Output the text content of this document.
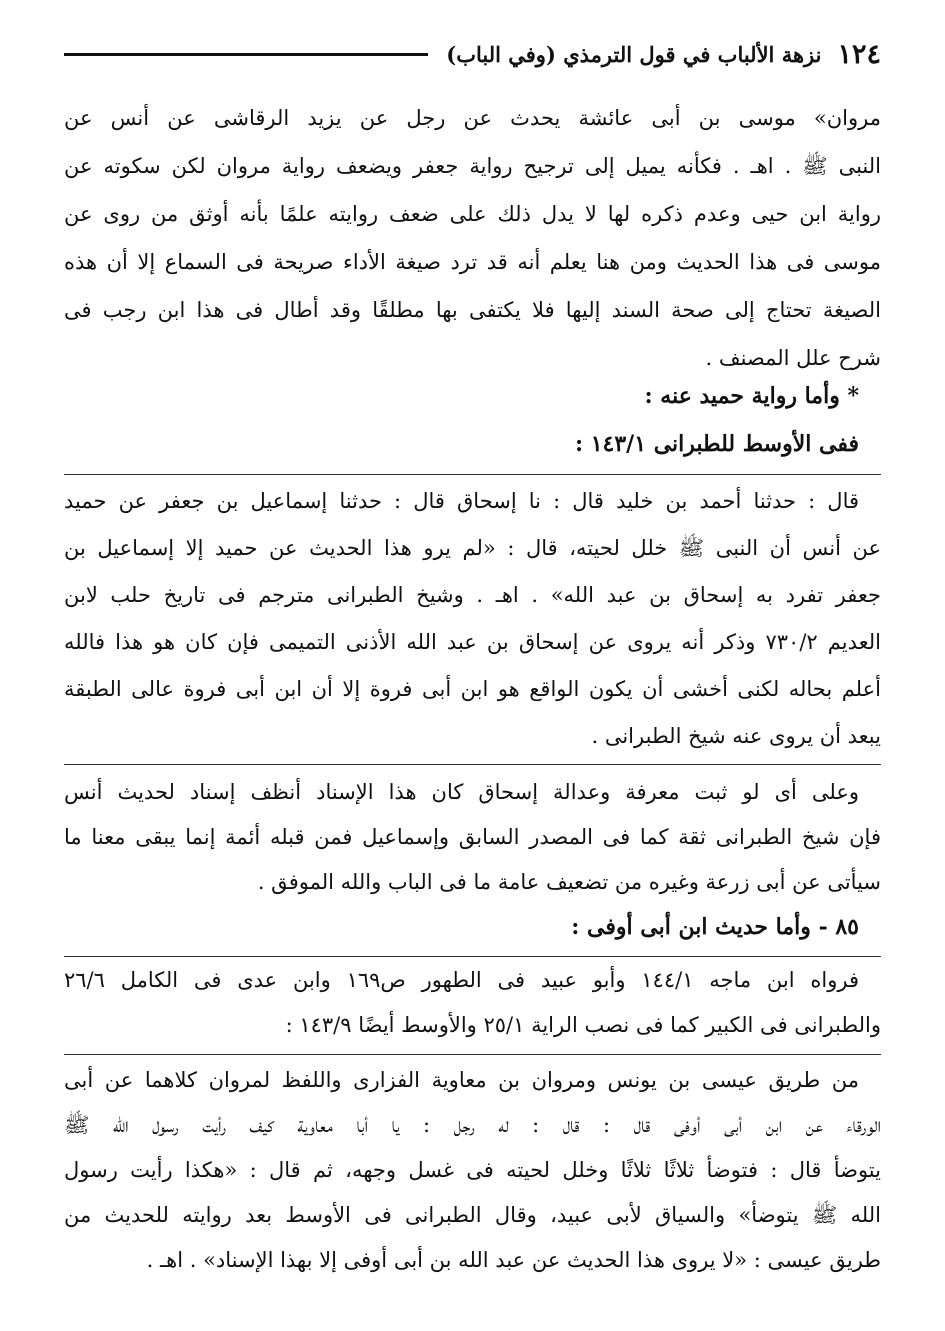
١٢٤
نزهة الألباب في قول الترمذي (وفي الباب)
مروان» موسى بن أبى عائشة يحدث عن رجل عن يزيد الرقاشى عن أنس عن
النبى ﷺ . اهـ . فكأنه يميل إلى ترجيح رواية جعفر ويضعف رواية مروان لكن سكوته عن
رواية ابن حيى وعدم ذكره لها لا يدل ذلك على ضعف روايته علمًا بأنه أوثق من روى عن
موسى فى هذا الحديث ومن هنا يعلم أنه قد ترد صيغة الأداء صريحة فى السماع إلا أن هذه
الصيغة تحتاج إلى صحة السند إليها فلا يكتفى بها مطلقًا وقد أطال فى هذا ابن رجب فى
شرح علل المصنف .
* وأما رواية حميد عنه :
ففى الأوسط للطبرانى ١٤٣/١ :
قال : حدثنا أحمد بن خليد قال : نا إسحاق قال : حدثنا إسماعيل بن جعفر عن حميد
عن أنس أن النبى ﷺ خلل لحيته، قال : «لم يرو هذا الحديث عن حميد إلا إسماعيل بن
جعفر تفرد به إسحاق بن عبد الله» . اهـ . وشيخ الطبرانى مترجم فى تاريخ حلب لابن
العديم ٧٣٠/٢ وذكر أنه يروى عن إسحاق بن عبد الله الأذنى التميمى فإن كان هو هذا فالله
أعلم بحاله لكنى أخشى أن يكون الواقع هو ابن أبى فروة إلا أن ابن أبى فروة عالى الطبقة
يبعد أن يروى عنه شيخ الطبرانى .
وعلى أى لو ثبت معرفة وعدالة إسحاق كان هذا الإسناد أنظف إسناد لحديث أنس
فإن شيخ الطبرانى ثقة كما فى المصدر السابق وإسماعيل فمن قبله أئمة إنما يبقى معنا ما
سيأتى عن أبى زرعة وغيره من تضعيف عامة ما فى الباب والله الموفق .
٨٥ - وأما حديث ابن أبى أوفى :
فرواه ابن ماجه ١٤٤/١ وأبو عبيد فى الطهور ص١٦٩ وابن عدى فى الكامل ٢٦/٦
والطبرانى فى الكبير كما فى نصب الراية ٢٥/١ والأوسط أيضًا ١٤٣/٩ :
من طريق عيسى بن يونس ومروان بن معاوية الفزارى واللفظ لمروان كلاهما عن أبى
الورقاء عن ابن أبى أوفى قال : قال : له رجل : يا أبا معاوية كيف رأيت رسول الله ﷺ
يتوضأ قال : فتوضأ ثلاثًا ثلاثًا وخلل لحيته فى غسل وجهه، ثم قال : «هكذا رأيت رسول
الله ﷺ يتوضأ» والسياق لأبى عبيد، وقال الطبرانى فى الأوسط بعد روايته للحديث من
طريق عيسى : «لا يروى هذا الحديث عن عبد الله بن أبى أوفى إلا بهذا الإسناد» . اهـ .
